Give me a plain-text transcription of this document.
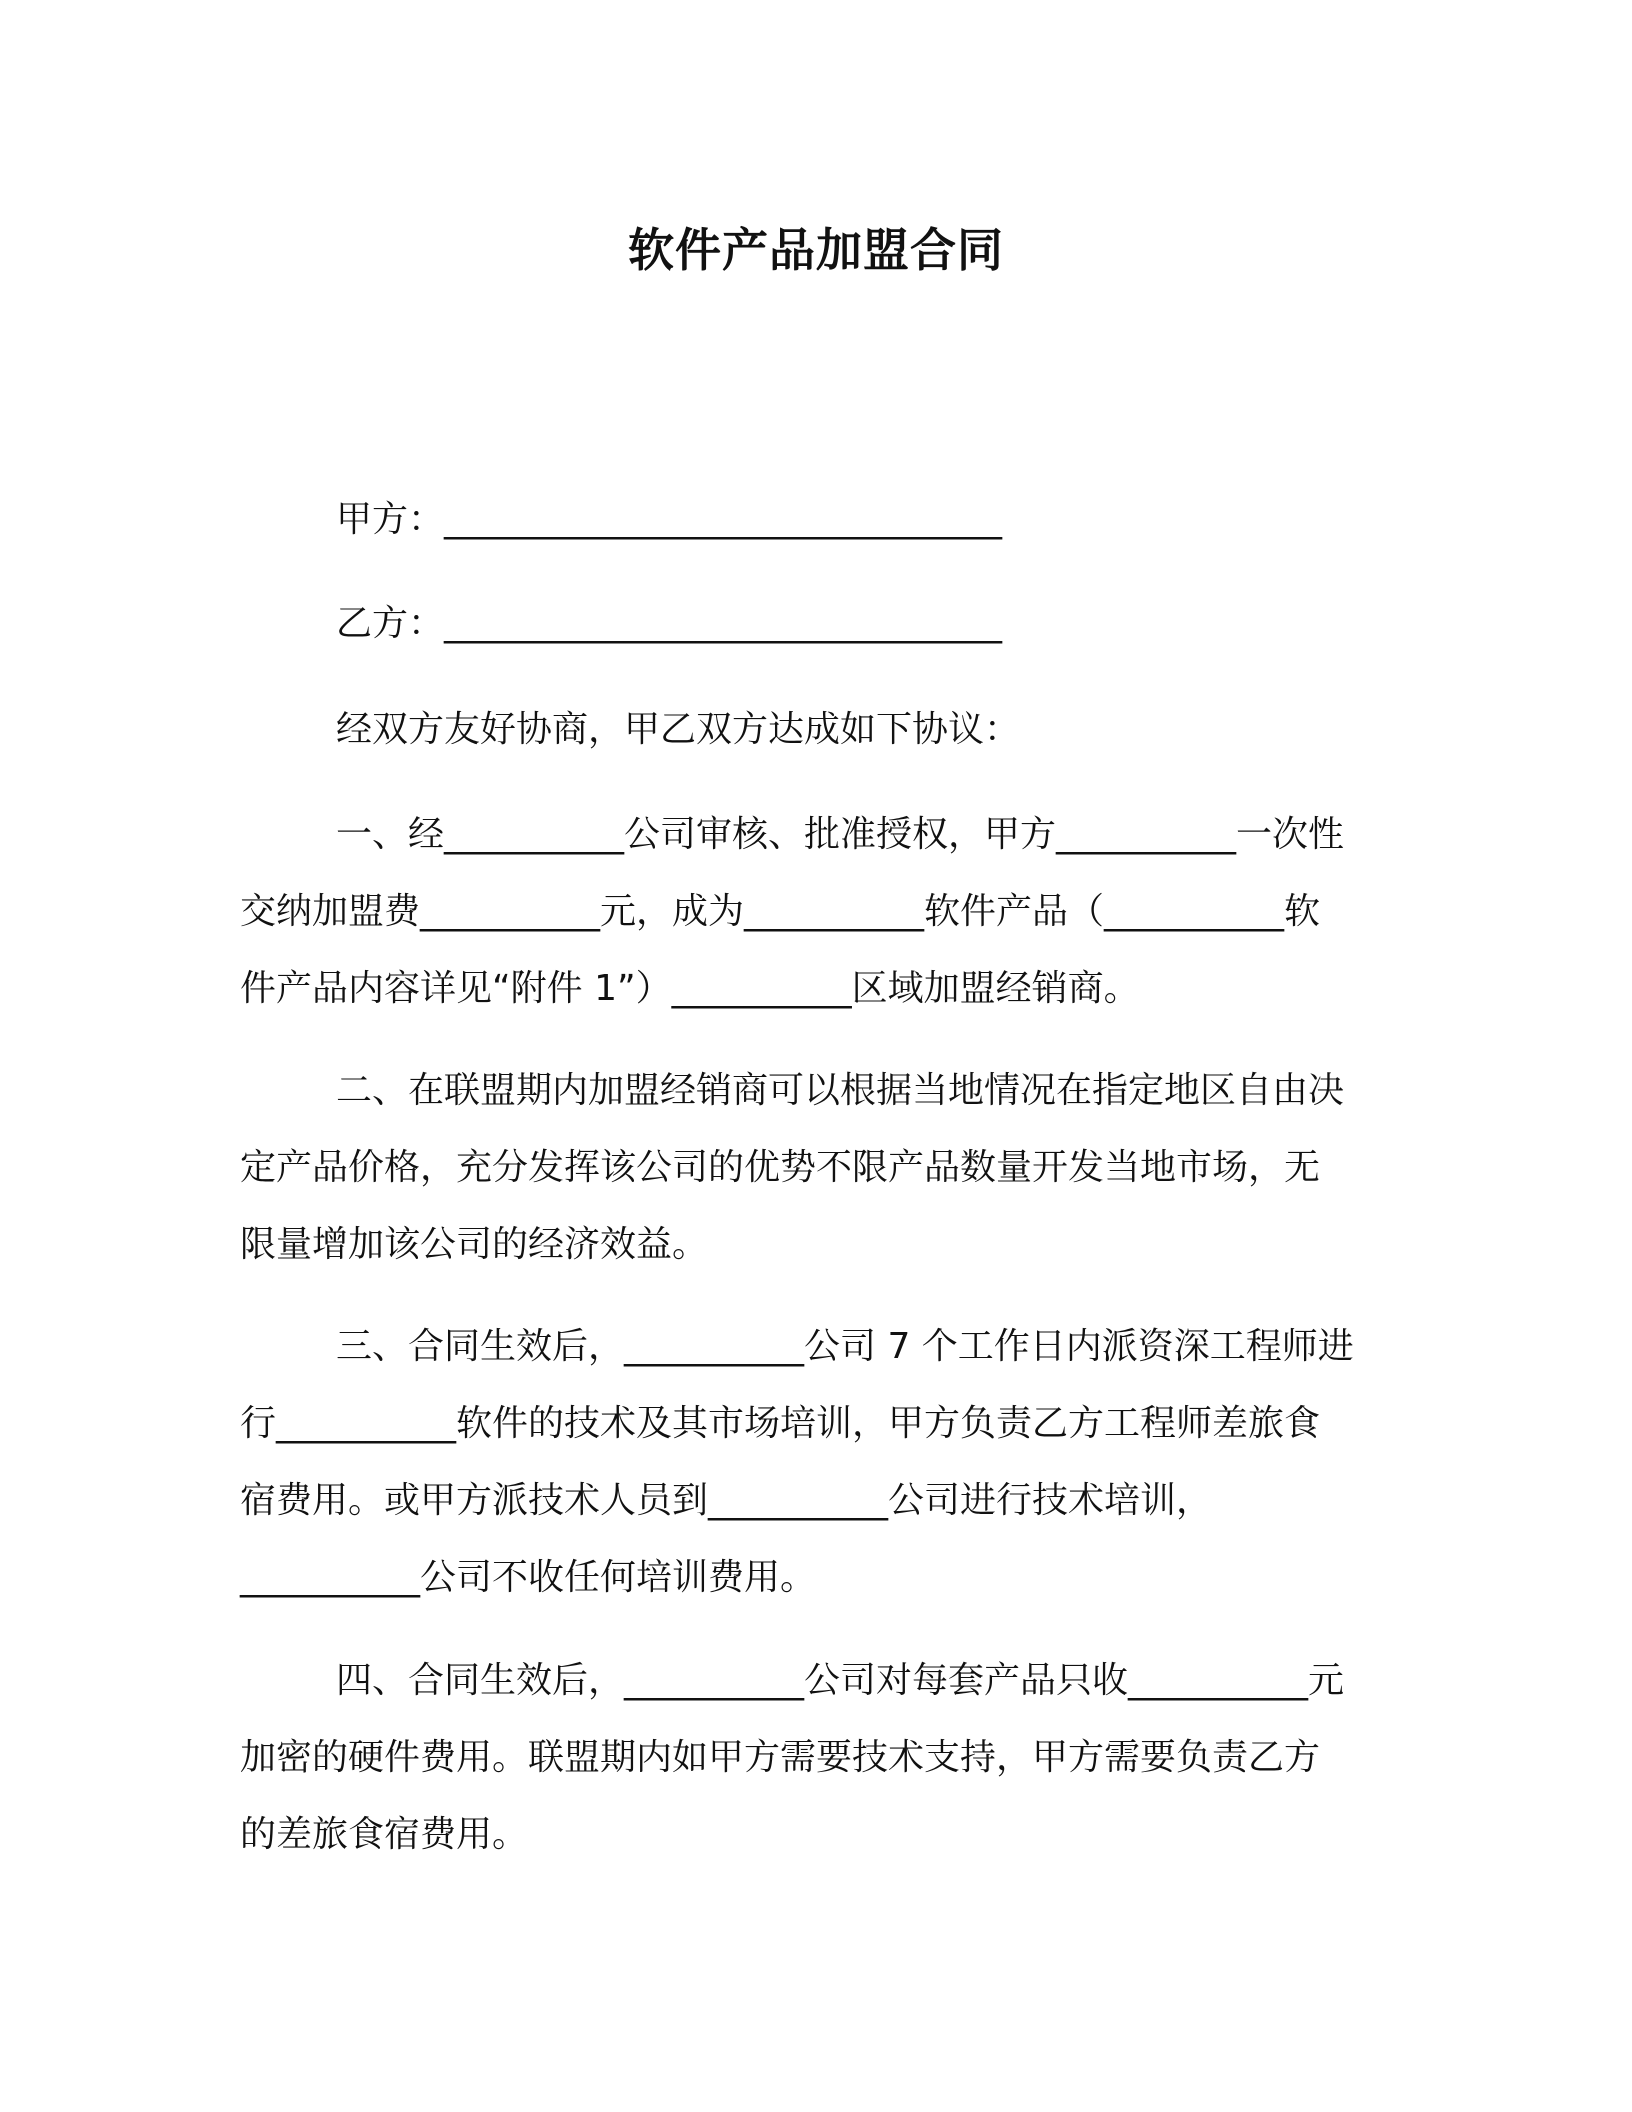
软件产品加盟合同
甲方：_______________________________
乙方：_______________________________
经双方友好协商，甲乙双方达成如下协议：
一、经__________公司审核、批准授权，甲方__________一次性
交纳加盟费__________元，成为__________软件产品（__________软
件产品内容详见“附件 1”）__________区域加盟经销商。
二、在联盟期内加盟经销商可以根据当地情况在指定地区自由决
定产品价格，充分发挥该公司的优势不限产品数量开发当地市场，无
限量增加该公司的经济效益。
三、合同生效后，__________公司 7 个工作日内派资深工程师进
行__________软件的技术及其市场培训，甲方负责乙方工程师差旅食
宿费用。或甲方派技术人员到__________公司进行技术培训，
__________公司不收任何培训费用。
四、合同生效后，__________公司对每套产品只收__________元
加密的硬件费用。联盟期内如甲方需要技术支持，甲方需要负责乙方
的差旅食宿费用。
